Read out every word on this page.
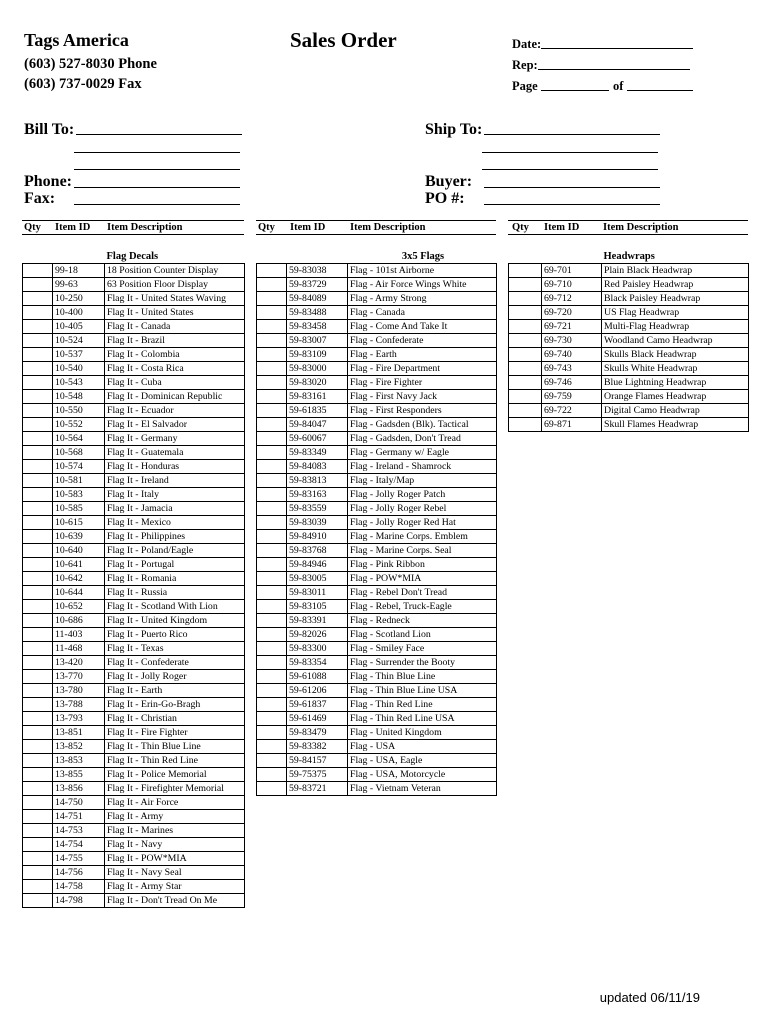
Tags America
(603) 527-8030 Phone
(603) 737-0029 Fax
Sales Order	Date:
Rep:
Page	of
Bill To:
Phone:
Fax:
Ship To:
Buyer:
PO #:
Qty Item ID Item Description	Qty Item ID Item Description	Qty Item ID Item Description
		Flag Decals
	99-18	18 Position Counter Display
	99-63	63 Position Floor Display
	10-250	Flag It - United States Waving
	10-400	Flag It - United States
	10-405	Flag It - Canada
	10-524	Flag It - Brazil
	10-537	Flag It - Colombia
	10-540	Flag It - Costa Rica
	10-543	Flag It - Cuba
	10-548	Flag It - Dominican Republic
	10-550	Flag It - Ecuador
	10-552	Flag It - El Salvador
	10-564	Flag It - Germany
	10-568	Flag It - Guatemala
	10-574	Flag It - Honduras
	10-581	Flag It - Ireland
	10-583	Flag It - Italy
	10-585	Flag It - Jamacia
	10-615	Flag It - Mexico
	10-639	Flag It - Philippines
	10-640	Flag It - Poland/Eagle
	10-641	Flag It - Portugal
	10-642	Flag It - Romania
	10-644	Flag It - Russia
	10-652	Flag It - Scotland With Lion
	10-686	Flag It - United Kingdom
	11-403	Flag It - Puerto Rico
	11-468	Flag It - Texas
	13-420	Flag It - Confederate
	13-770	Flag It - Jolly Roger
	13-780	Flag It - Earth
	13-788	Flag It - Erin-Go-Bragh
	13-793	Flag It - Christian
	13-851	Flag It - Fire Fighter
	13-852	Flag It - Thin Blue Line
	13-853	Flag It - Thin Red Line
	13-855	Flag It - Police Memorial
	13-856	Flag It - Firefighter Memorial
	14-750	Flag It - Air Force
	14-751	Flag It - Army
	14-753	Flag It - Marines
	14-754	Flag It - Navy
	14-755	Flag It - POW*MIA
	14-756	Flag It - Navy Seal
	14-758	Flag It - Army Star
	14-798	Flag It - Don't Tread On Me
		3x5 Flags
	59-83038	Flag - 101st Airborne
	59-83729	Flag - Air Force Wings White
	59-84089	Flag - Army Strong
	59-83488	Flag - Canada
	59-83458	Flag - Come And Take It
	59-83007	Flag - Confederate
	59-83109	Flag - Earth
	59-83000	Flag - Fire Department
	59-83020	Flag - Fire Fighter
	59-83161	Flag - First Navy Jack
	59-61835	Flag - First Responders
	59-84047	Flag - Gadsden (Blk). Tactical
	59-60067	Flag - Gadsden, Don't Tread
	59-83349	Flag - Germany w/ Eagle
	59-84083	Flag - Ireland - Shamrock
	59-83813	Flag - Italy/Map
	59-83163	Flag - Jolly Roger Patch
	59-83559	Flag - Jolly Roger Rebel
	59-83039	Flag - Jolly Roger Red Hat
	59-84910	Flag - Marine Corps. Emblem
	59-83768	Flag - Marine Corps. Seal
	59-84946	Flag - Pink Ribbon
	59-83005	Flag - POW*MIA
	59-83011	Flag - Rebel Don't Tread
	59-83105	Flag - Rebel, Truck-Eagle
	59-83391	Flag - Redneck
	59-82026	Flag - Scotland Lion
	59-83300	Flag - Smiley Face
	59-83354	Flag - Surrender the Booty
	59-61088	Flag - Thin Blue Line
	59-61206	Flag - Thin Blue Line USA
	59-61837	Flag - Thin Red Line
	59-61469	Flag - Thin Red Line USA
	59-83479	Flag - United Kingdom
	59-83382	Flag - USA
	59-84157	Flag - USA, Eagle
	59-75375	Flag - USA, Motorcycle
	59-83721	Flag - Vietnam Veteran
		Headwraps
	69-701	Plain Black Headwrap
	69-710	Red Paisley Headwrap
	69-712	Black Paisley Headwrap
	69-720	US Flag Headwrap
	69-721	Multi-Flag Headwrap
	69-730	Woodland Camo Headwrap
	69-740	Skulls Black Headwrap
	69-743	Skulls White Headwrap
	69-746	Blue Lightning Headwrap
	69-759	Orange Flames Headwrap
	69-722	Digital Camo Headwrap
	69-871	Skull Flames Headwrap
updated 06/11/19
